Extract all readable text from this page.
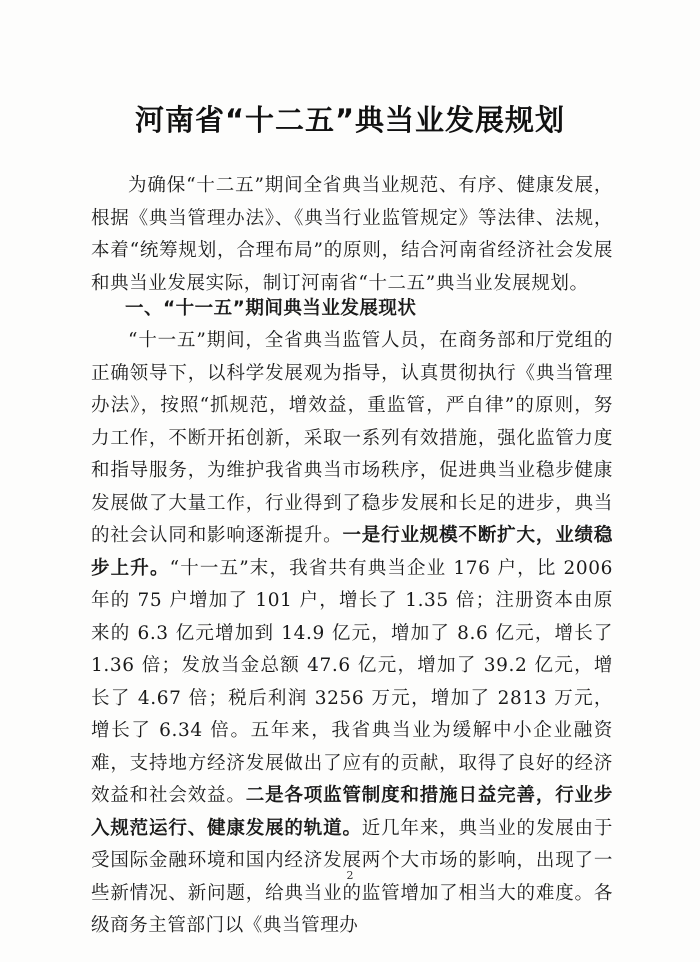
河南省“十二五”典当业发展规划

为确保“十二五”期间全省典当业规范、有序、健康发展，根据《典当管理办法》、《典当行业监管规定》等法律、法规，本着“统筹规划，合理布局”的原则，结合河南省经济社会发展和典当业发展实际，制订河南省“十二五”典当业发展规划。

一、“十一五”期间典当业发展现状

“十一五”期间，全省典当监管人员，在商务部和厅党组的正确领导下，以科学发展观为指导，认真贯彻执行《典当管理办法》，按照“抓规范，增效益，重监管，严自律”的原则，努力工作，不断开拓创新，采取一系列有效措施，强化监管力度和指导服务，为维护我省典当市场秩序，促进典当业稳步健康发展做了大量工作，行业得到了稳步发展和长足的进步，典当的社会认同和影响逐渐提升。一是行业规模不断扩大，业绩稳步上升。“十一五”末，我省共有典当企业 176 户，比 2006 年的 75 户增加了 101 户，增长了 1.35 倍；注册资本由原来的 6.3 亿元增加到 14.9 亿元，增加了 8.6 亿元，增长了 1.36 倍；发放当金总额 47.6 亿元，增加了 39.2 亿元，增长了 4.67 倍；税后利润 3256 万元，增加了 2813 万元，增长了 6.34 倍。五年来，我省典当业为缓解中小企业融资难，支持地方经济发展做出了应有的贡献，取得了良好的经济效益和社会效益。二是各项监管制度和措施日益完善，行业步入规范运行、健康发展的轨道。近几年来，典当业的发展由于受国际金融环境和国内经济发展两个大市场的影响，出现了一些新情况、新问题，给典当业的监管增加了相当大的难度。各级商务主管部门以《典当管理办

2
